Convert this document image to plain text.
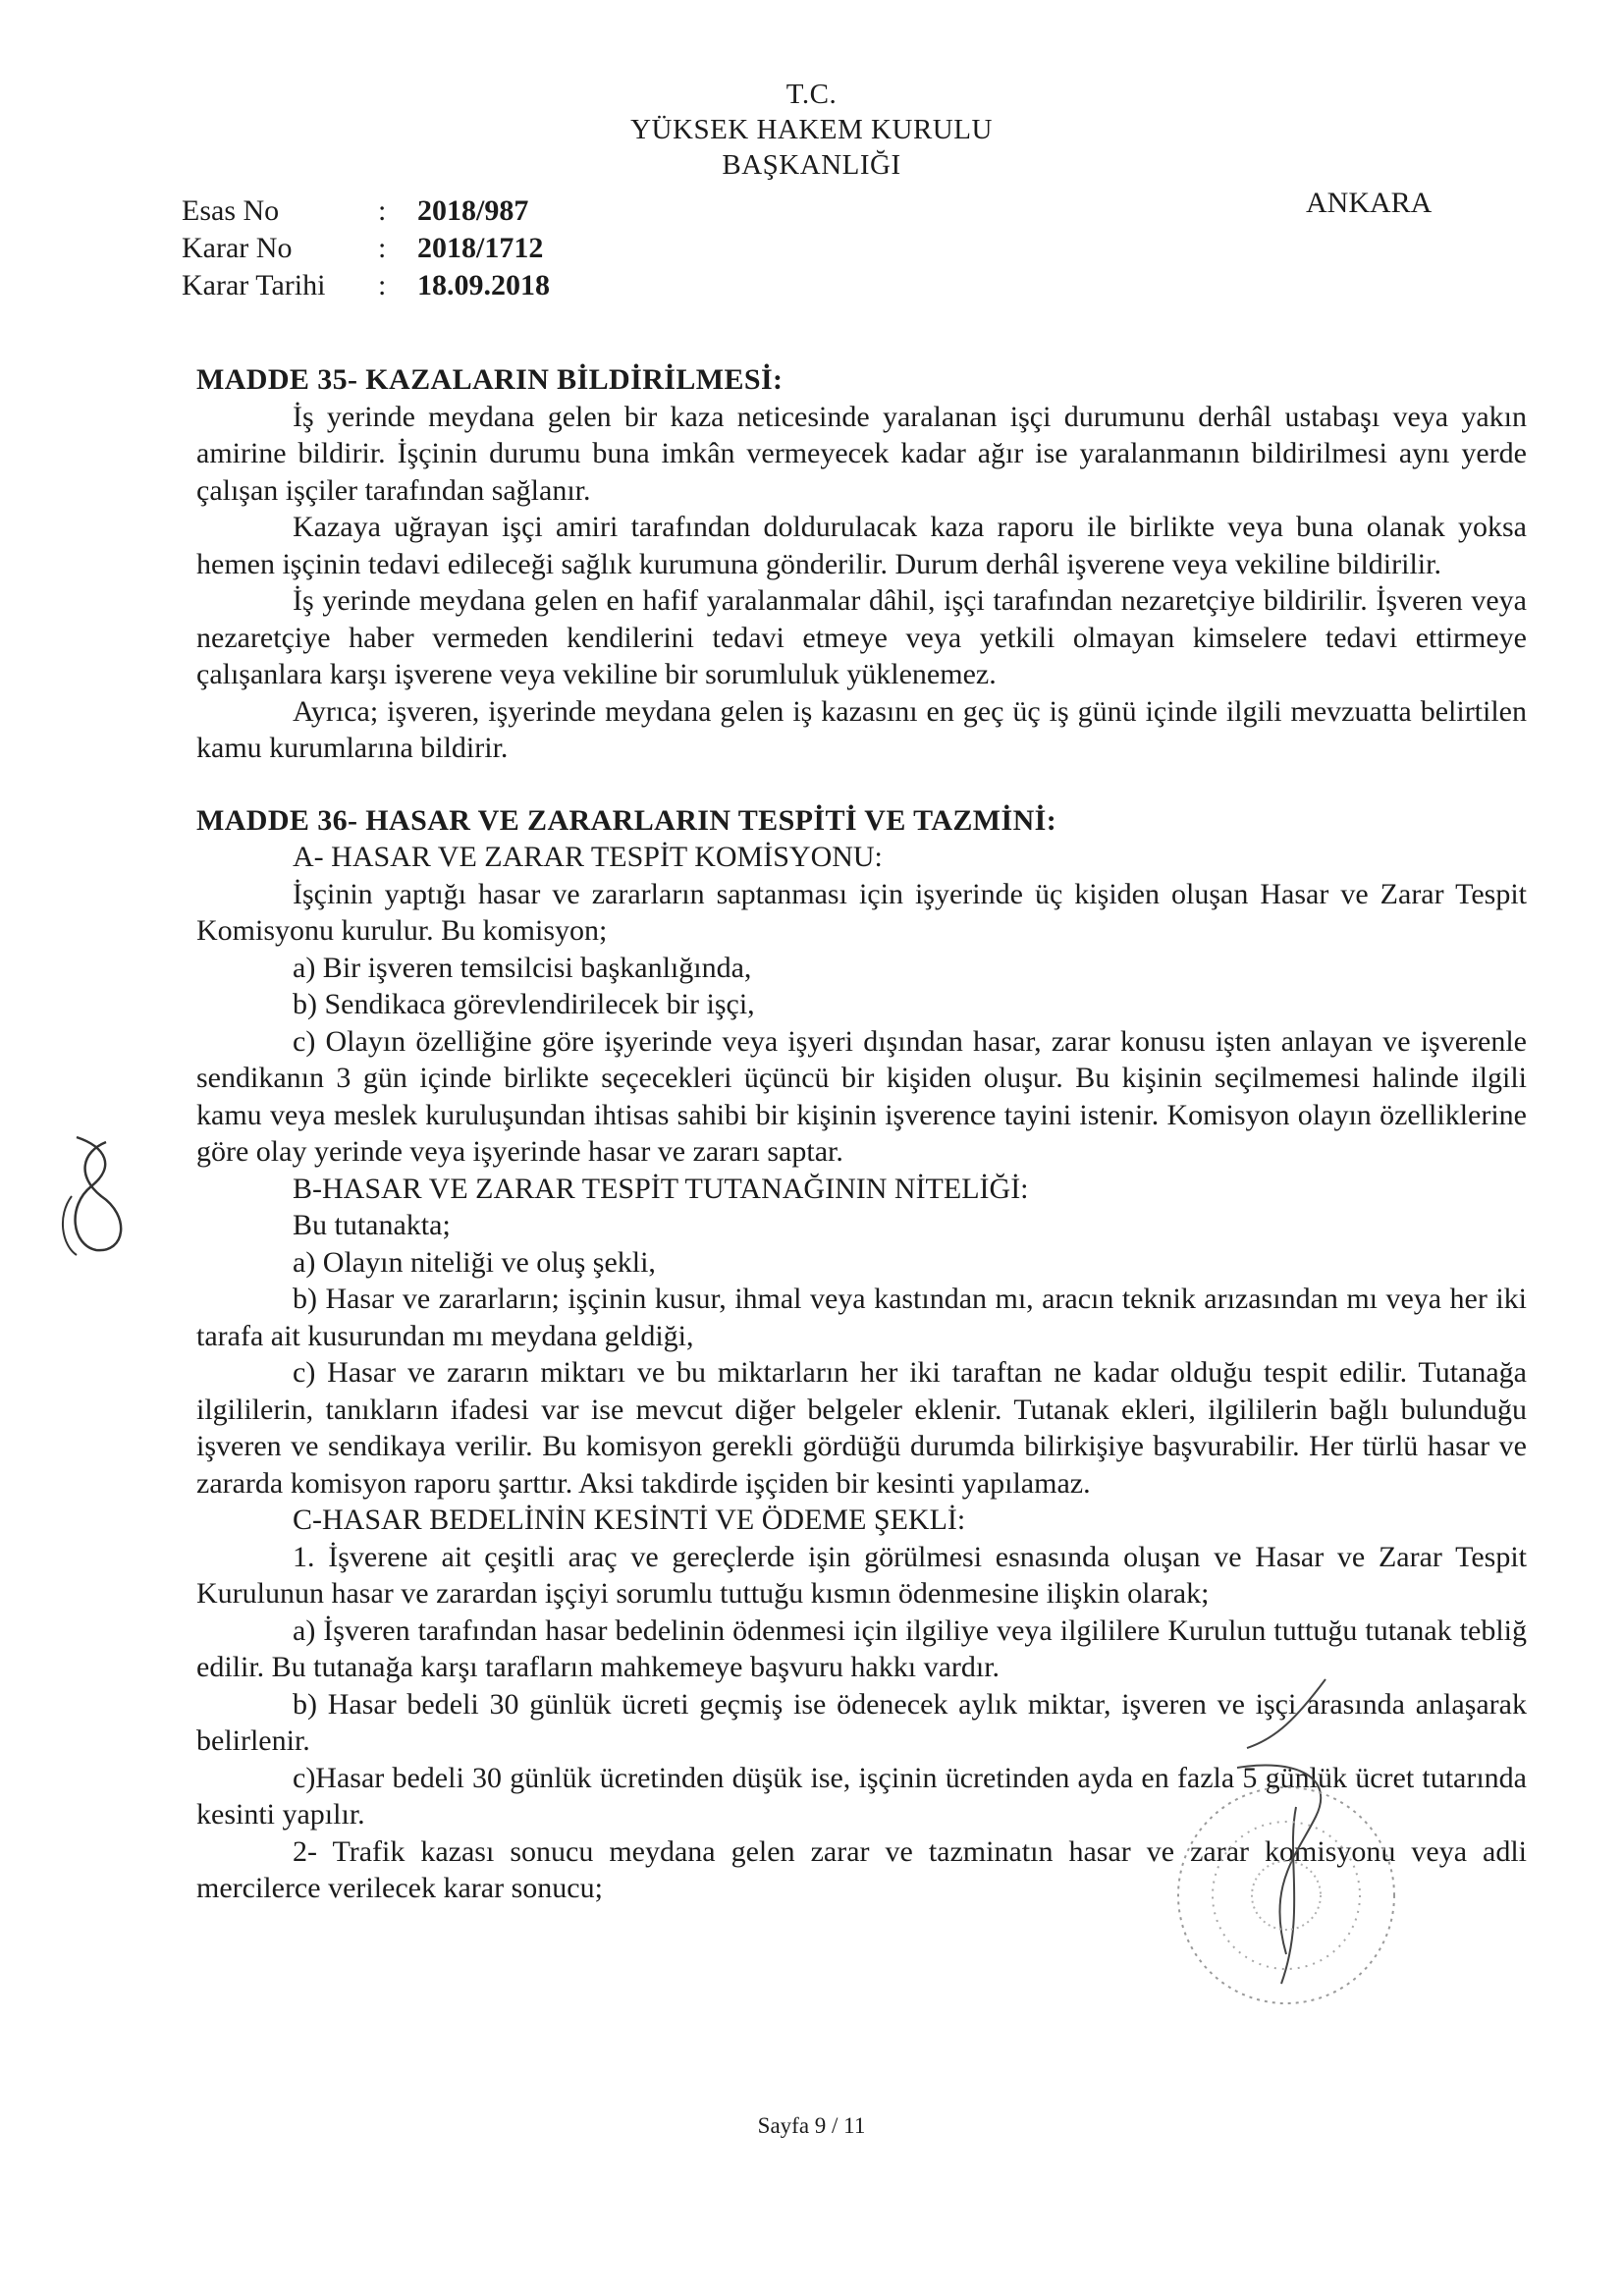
T.C.
YÜKSEK HAKEM KURULU
BAŞKANLIĞI
Esas No	:	2018/987
Karar No	:	2018/1712
Karar Tarihi	:	18.09.2018
ANKARA
MADDE 35- KAZALARIN BİLDİRİLMESİ:

İş yerinde meydana gelen bir kaza neticesinde yaralanan işçi durumunu derhâl ustabaşı veya yakın amirine bildirir. İşçinin durumu buna imkân vermeyecek kadar ağır ise yaralanmanın bildirilmesi aynı yerde çalışan işçiler tarafından sağlanır.

Kazaya uğrayan işçi amiri tarafından doldurulacak kaza raporu ile birlikte veya buna olanak yoksa hemen işçinin tedavi edileceği sağlık kurumuna gönderilir. Durum derhâl işverene veya vekiline bildirilir.

İş yerinde meydana gelen en hafif yaralanmalar dâhil, işçi tarafından nezaretçiye bildirilir. İşveren veya nezaretçiye haber vermeden kendilerini tedavi etmeye veya yetkili olmayan kimselere tedavi ettirmeye çalışanlara karşı işverene veya vekiline bir sorumluluk yüklenemez.

Ayrıca; işveren, işyerinde meydana gelen iş kazasını en geç üç iş günü içinde ilgili mevzuatta belirtilen kamu kurumlarına bildirir.

MADDE 36- HASAR VE ZARARLARIN TESPİTİ VE TAZMİNİ:
A- HASAR VE ZARAR TESPİT KOMİSYONU:

İşçinin yaptığı hasar ve zararların saptanması için işyerinde üç kişiden oluşan Hasar ve Zarar Tespit Komisyonu kurulur. Bu komisyon;

a) Bir işveren temsilcisi başkanlığında,
b) Sendikaca görevlendirilecek bir işçi,

c) Olayın özelliğine göre işyerinde veya işyeri dışından hasar, zarar konusu işten anlayan ve işverenle sendikanın 3 gün içinde birlikte seçecekleri üçüncü bir kişiden oluşur. Bu kişinin seçilmemesi halinde ilgili kamu veya meslek kuruluşundan ihtisas sahibi bir kişinin işverence tayini istenir. Komisyon olayın özelliklerine göre olay yerinde veya işyerinde hasar ve zararı saptar.

B-HASAR VE ZARAR TESPİT TUTANAĞININ NİTELİĞİ:
Bu tutanakta;
a) Olayın niteliği ve oluş şekli,

b) Hasar ve zararların; işçinin kusur, ihmal veya kastından mı, aracın teknik arızasından mı veya her iki tarafa ait kusurundan mı meydana geldiği,

c) Hasar ve zararın miktarı ve bu miktarların her iki taraftan ne kadar olduğu tespit edilir. Tutanağa ilgililerin, tanıkların ifadesi var ise mevcut diğer belgeler eklenir. Tutanak ekleri, ilgililerin bağlı bulunduğu işveren ve sendikaya verilir. Bu komisyon gerekli gördüğü durumda bilirkişiye başvurabilir. Her türlü hasar ve zararda komisyon raporu şarttır. Aksi takdirde işçiden bir kesinti yapılamaz.

C-HASAR BEDELİNİN KESİNTİ VE ÖDEME ŞEKLİ:

1. İşverene ait çeşitli araç ve gereçlerde işin görülmesi esnasında oluşan ve Hasar ve Zarar Tespit Kurulunun hasar ve zarardan işçiyi sorumlu tuttuğu kısmın ödenmesine ilişkin olarak;

a) İşveren tarafından hasar bedelinin ödenmesi için ilgiliye veya ilgililere Kurulun tuttuğu tutanak tebliğ edilir. Bu tutanağa karşı tarafların mahkemeye başvuru hakkı vardır.

b) Hasar bedeli 30 günlük ücreti geçmiş ise ödenecek aylık miktar, işveren ve işçi arasında anlaşarak belirlenir.

c)Hasar bedeli 30 günlük ücretinden düşük ise, işçinin ücretinden ayda en fazla 5 günlük ücret tutarında kesinti yapılır.

2- Trafik kazası sonucu meydana gelen zarar ve tazminatın hasar ve zarar komisyonu veya adli mercilerce verilecek karar sonucu;

Sayfa 9 / 11
